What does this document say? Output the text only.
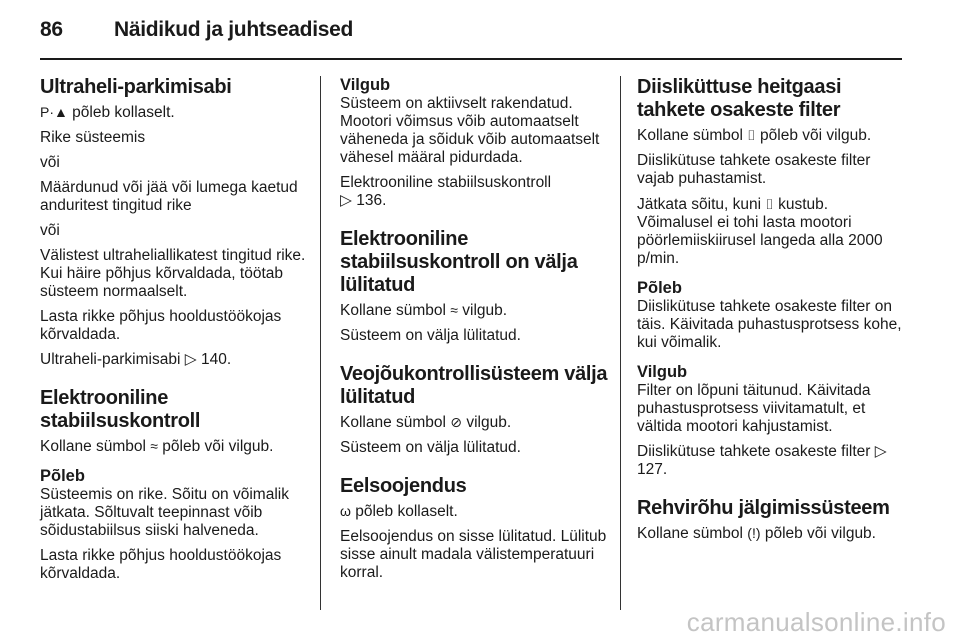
86 Näidikud ja juhtseadised
Ultraheli-parkimisabi

P·▲ põleb kollaselt.

Rike süsteemis

või

Määrdunud või jää või lumega kaetud anduritest tingitud rike

või

Välistest ultraheliallikatest tingitud rike. Kui häire põhjus kõrvaldada, töötab süsteem normaalselt.

Lasta rikke põhjus hooldustöökojas kõrvaldada.

Ultraheli-parkimisabi ▷ 140.

Elektrooniline stabiilsuskontroll

Kollane sümbol ≈ põleb või vilgub.

Põleb

Süsteemis on rike. Sõitu on võimalik jätkata. Sõltuvalt teepinnast võib sõidustabiilsus siiski halveneda.

Lasta rikke põhjus hooldustöökojas kõrvaldada.

Vilgub

Süsteem on aktiivselt rakendatud. Mootori võimsus võib automaatselt väheneda ja sõiduk võib automaatselt vähesel määral pidurdada.

Elektrooniline stabiilsuskontroll
▷ 136.

Elektrooniline stabiilsuskontroll on välja lülitatud

Kollane sümbol ≈ vilgub.

Süsteem on välja lülitatud.

Veojõukontrollisüsteem välja lülitatud

Kollane sümbol ⊘ vilgub.

Süsteem on välja lülitatud.

Eelsoojendus

ω põleb kollaselt.

Eelsoojendus on sisse lülitatud. Lülitub sisse ainult madala välistemperatuuri korral.

Diisliküttuse heitgaasi tahkete osakeste filter

Kollane sümbol ⌷ põleb või vilgub.

Diislikütuse tahkete osakeste filter vajab puhastamist.

Jätkata sõitu, kuni ⌷ kustub. Võimalusel ei tohi lasta mootori pöörlemiiskiirusel langeda alla 2000 p/min.

Põleb

Diislikütuse tahkete osakeste filter on täis. Käivitada puhastusprotsess kohe, kui võimalik.

Vilgub

Filter on lõpuni täitunud. Käivitada puhastusprotsess viivitamatult, et vältida mootori kahjustamist.

Diislikütuse tahkete osakeste filter ▷ 127.

Rehvirõhu jälgimissüsteem

Kollane sümbol (!) põleb või vilgub.

carmanualsonline.info
